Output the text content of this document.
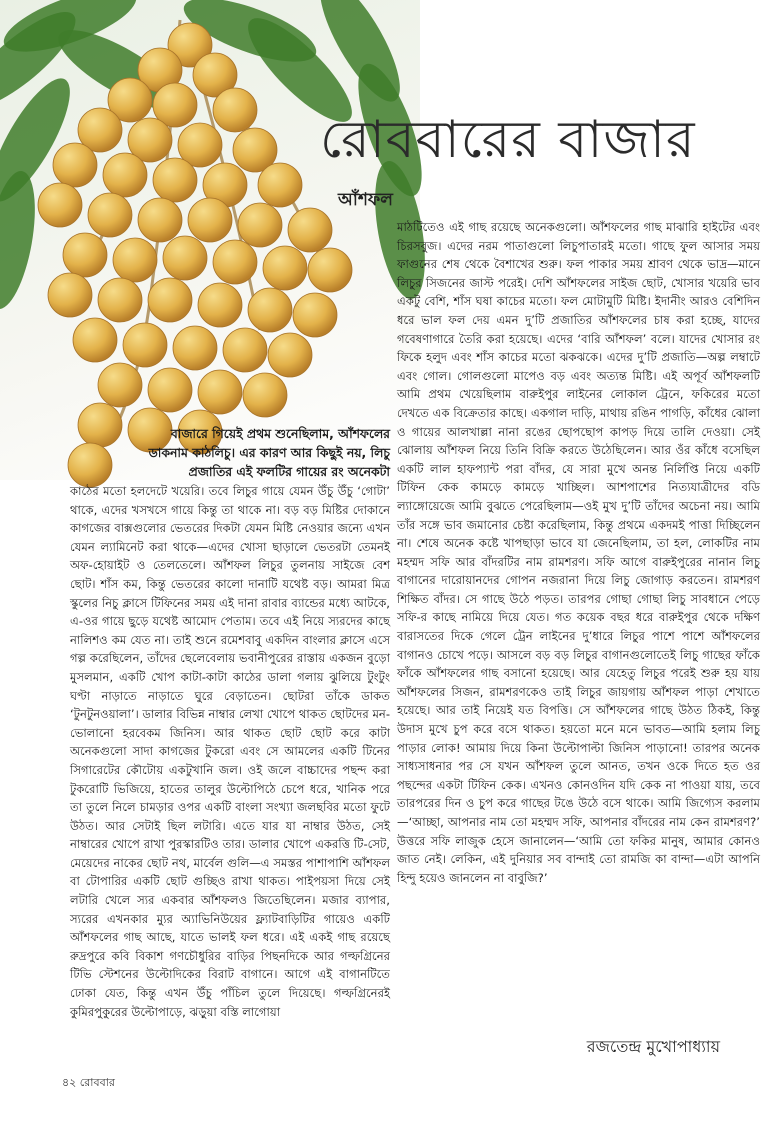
রোববারের বাজার
আঁশফল

মাঠটিতেও এই গাছ রয়েছে অনেকগুলো। আঁশফলের গাছ মাঝারি হাইটের এবং চিরসবুজ। এদের নরম পাতাগুলো লিচুপাতারই মতো। গাছে ফুল আসার সময় ফাগুনের শেষ থেকে বৈশাখের শুরু। ফল পাকার সময় শ্রাবণ থেকে ভাদ্র—মানে লিচুর সিজনের জাস্ট পরেই। দেশি আঁশফলের সাইজ ছোট, খোসার খয়েরি ভাব একটু বেশি, শাঁস ঘষা কাচের মতো। ফল মোটামুটি মিষ্টি। ইদানীং আরও বেশিদিন ধরে ভাল ফল দেয় এমন দু’টি প্রজাতির আঁশফলের চাষ করা হচ্ছে, যাদের গবেষণাগারে তৈরি করা হয়েছে। এদের ‘বারি আঁশফল’ বলে। যাদের খোসার রং ফিকে হলুদ এবং শাঁস কাচের মতো ঝকঝকে। এদের দু’টি প্রজাতি—অল্প লম্বাটে এবং গোল। গোলগুলো মাপেও বড় এবং অত্যন্ত মিষ্টি। এই অপূর্ব আঁশফলটি আমি প্রথম খেয়েছিলাম বারুইপুর লাইনের লোকাল ট্রেনে, ফকিরের মতো দেখতে এক বিক্রেতার কাছে। একগাল দাড়ি, মাথায় রঙিন পাগড়ি, কাঁধের ঝোলা ও গায়ের আলখাল্লা নানা রঙের ছোপছোপ কাপড় দিয়ে তালি দেওয়া। সেই ঝোলায় আঁশফল নিয়ে তিনি বিক্রি করতে উঠেছিলেন। আর ওঁর কাঁধে বসেছিল একটি লাল হাফপ্যান্ট পরা বাঁদর, যে সারা মুখে অনন্ত নির্লিপ্তি নিয়ে একটি টিফিন কেক কামড়ে কামড়ে খাচ্ছিল। আশপাশের নিত্যযাত্রীদের বডি ল্যাঙ্গোয়েজে আমি বুঝতে পেরেছিলাম—ওই মুখ দু’টি তাঁদের অচেনা নয়। আমি তাঁর সঙ্গে ভাব জমানোর চেষ্টা করেছিলাম, কিন্তু প্রথমে একদমই পাত্তা দিচ্ছিলেন না। শেষে অনেক কষ্টে খাপছাড়া ভাবে যা জেনেছিলাম, তা হল, লোকটির নাম মহম্মদ সফি আর বাঁদরটির নাম রামশরণ। সফি আগে বারুইপুরের নানান লিচু বাগানের দারোয়ানদের গোপন নজরানা দিয়ে লিচু জোগাড় করতেন। রামশরণ শিক্ষিত বাঁদর। সে গাছে উঠে পড়ত। তারপর গোছা গোছা লিচু সাবধানে পেড়ে সফি-র কাছে নামিয়ে দিয়ে যেত। গত কয়েক বছর ধরে বারুইপুর থেকে দক্ষিণ বারাসতের দিকে গেলে ট্রেন লাইনের দু’ধারে লিচুর পাশে পাশে আঁশফলের বাগানও চোখে পড়ে। আসলে বড় বড় লিচুর বাগানগুলোতেই লিচু গাছের ফাঁকে ফাঁকে আঁশফলের গাছ বসানো হয়েছে। আর যেহেতু লিচুর পরেই শুরু হয় যায় আঁশফলের সিজন, রামশরণকেও তাই লিচুর জায়গায় আঁশফল পাড়া শেখাতে হয়েছে। আর তাই নিয়েই যত বিপত্তি। সে আঁশফলের গাছে উঠত ঠিকই, কিন্তু উদাস মুখে চুপ করে বসে থাকত। হয়তো মনে মনে ভাবত—আমি হলাম লিচু পাড়ার লোক! আমায় দিয়ে কিনা উল্টোপাল্টা জিনিস পাড়ানো! তারপর অনেক সাধ্যসাধনার পর সে যখন আঁশফল তুলে আনত, তখন ওকে দিতে হত ওর পছন্দের একটা টিফিন কেক। এখনও কোনওদিন যদি কেক না পাওয়া যায়, তবে তারপরের দিন ও চুপ করে গাছের টঙে উঠে বসে থাকে। আমি জিগ্যেস করলাম—‘আচ্ছা, আপনার নাম তো মহম্মদ সফি, আপনার বাঁদরের নাম কেন রামশরণ?’ উত্তরে সফি লাজুক হেসে জানালেন—‘আমি তো ফকির মানুষ, আমার কোনও জাত নেই। লেকিন, এই দুনিয়ার সব বান্দাই তো রামজি কা বান্দা—এটা আপনি হিন্দু হয়েও জানলেন না বাবুজি?’

বাজারে গিয়েই প্রথম শুনেছিলাম, আঁশফলের ডাকনাম কাঠলিচু। এর কারণ আর কিছুই নয়, লিচু প্রজাতির এই ফলটির গায়ের রং অনেকটা

কাঠের মতো হলদেটে খয়েরি। তবে লিচুর গায়ে যেমন উঁচু উঁচু ‘গোটা’ থাকে, এদের খসখসে গায়ে কিন্তু তা থাকে না। বড় বড় মিষ্টির দোকানে কাগজের বাক্সগুলোর ভেতরের দিকটা যেমন মিষ্টি নেওয়ার জন্যে এখন যেমন ল্যামিনেট করা থাকে—এদের খোসা ছাড়ালে ভেতরটা তেমনই অফ-হোয়াইট ও তেলতেলে। আঁশফল লিচুর তুলনায় সাইজে বেশ ছোট। শাঁস কম, কিন্তু ভেতরের কালো দানাটি যথেষ্ট বড়। আমরা মিত্র স্কুলের নিচু ক্লাসে টিফিনের সময় এই দানা রাবার ব্যান্ডের মধ্যে আটকে, এ-ওর গায়ে ছুড়ে যথেষ্ট আমোদ পেতাম। তবে এই নিয়ে স্যরদের কাছে নালিশও কম যেত না। তাই শুনে রমেশবাবু একদিন বাংলার ক্লাসে এসে গল্প করেছিলেন, তাঁদের ছেলেবেলায় ভবানীপুরের রাস্তায় একজন বুড়ো মুসলমান, একটি খোপ কাটা-কাটা কাঠের ডালা গলায় ঝুলিয়ে টুংটুং ঘণ্টা নাড়াতে নাড়াতে ঘুরে বেড়াতেন। ছোটরা তাঁকে ডাকত ‘টুনটুনওয়ালা’। ডালার বিভিন্ন নাম্বার লেখা খোপে থাকত ছোটদের মন-ভোলানো হরবেকম জিনিস। আর থাকত ছোট ছোট করে কাটা অনেকগুলো সাদা কাগজের টুকরো এবং সে আমলের একটি টিনের সিগারেটের কৌটোয় একটুখানি জল। ওই জলে বাচ্চাদের পছন্দ করা টুকরোটি ভিজিয়ে, হাতের তালুর উল্টোপিঠে চেপে ধরে, খানিক পরে তা তুলে নিলে চামড়ার ওপর একটি বাংলা সংখ্যা জলছবির মতো ফুটে উঠত। আর সেটাই ছিল লটারি। এতে যার যা নাম্বার উঠত, সেই নাম্বারের খোপে রাখা পুরস্কারটিও তার। ডালার খোপে একরত্তি টি-সেট, মেয়েদের নাকের ছোট নথ, মার্বেল গুলি—এ সমস্তর পাশাপাশি আঁশফল বা টোপারির একটি ছোট গুচ্ছিও রাখা থাকত। পাইপয়সা দিয়ে সেই লটারি খেলে স্যর একবার আঁশফলও জিতেছিলেন। মজার ব্যাপার, স্যরের এখনকার ম্যুর অ্যাভিনিউয়ের ফ্ল্যাটবাড়িটির গায়েও একটি আঁশফলের গাছ আছে, যাতে ভালই ফল ধরে। এই একই গাছ রয়েছে রুদ্রপুরে কবি বিকাশ গণচৌধুরির বাড়ির পিছনদিকে আর গল্ফগ্রিনের টিভি স্টেশনের উল্টোদিকের বিরাট বাগানে। আগে এই বাগানটিতে ঢোকা যেত, কিন্তু এখন উঁচু পাঁচিল তুলে দিয়েছে। গল্ফগ্রিনেরই কুমিরপুকুরের উল্টোপাড়ে, ঝড়ুয়া বস্তি লাগোয়া

রজতেন্দ্র মুখোপাধ্যায়
৪২ রোববার
